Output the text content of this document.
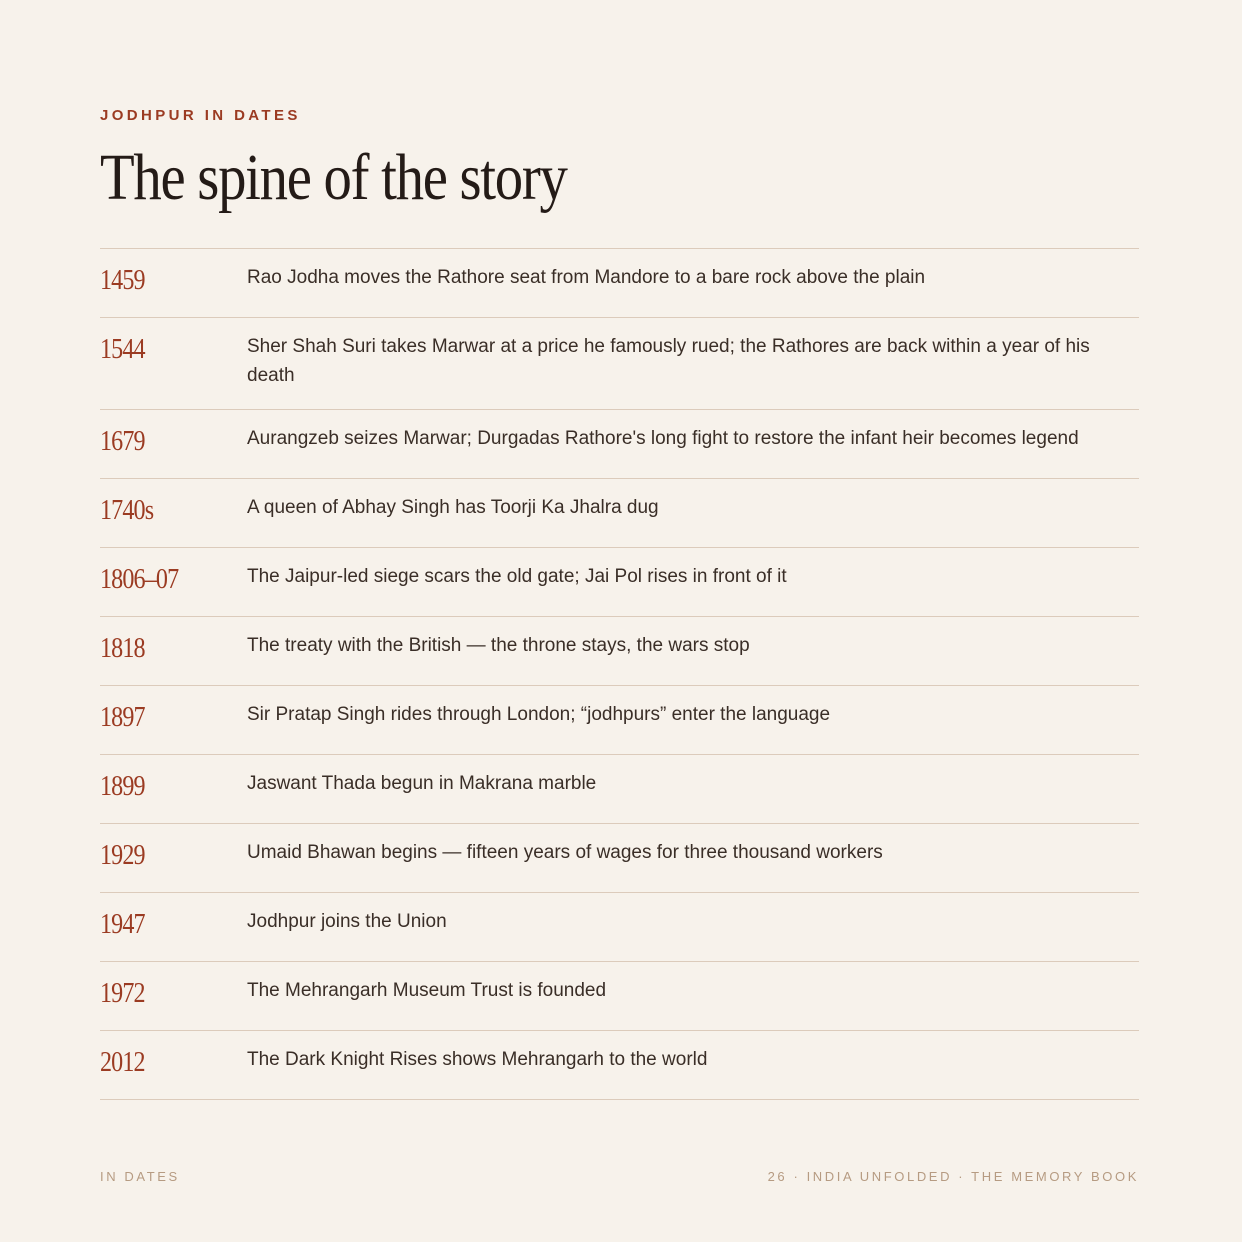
JODHPUR IN DATES
The spine of the story
1459	Rao Jodha moves the Rathore seat from Mandore to a bare rock above the plain
1544	Sher Shah Suri takes Marwar at a price he famously rued; the Rathores are back within a year of his death
1679	Aurangzeb seizes Marwar; Durgadas Rathore's long fight to restore the infant heir becomes legend
1740s	A queen of Abhay Singh has Toorji Ka Jhalra dug
1806–07	The Jaipur-led siege scars the old gate; Jai Pol rises in front of it
1818	The treaty with the British — the throne stays, the wars stop
1897	Sir Pratap Singh rides through London; “jodhpurs” enter the language
1899	Jaswant Thada begun in Makrana marble
1929	Umaid Bhawan begins — fifteen years of wages for three thousand workers
1947	Jodhpur joins the Union
1972	The Mehrangarh Museum Trust is founded
2012	The Dark Knight Rises shows Mehrangarh to the world
IN DATES	26 · INDIA UNFOLDED · THE MEMORY BOOK
